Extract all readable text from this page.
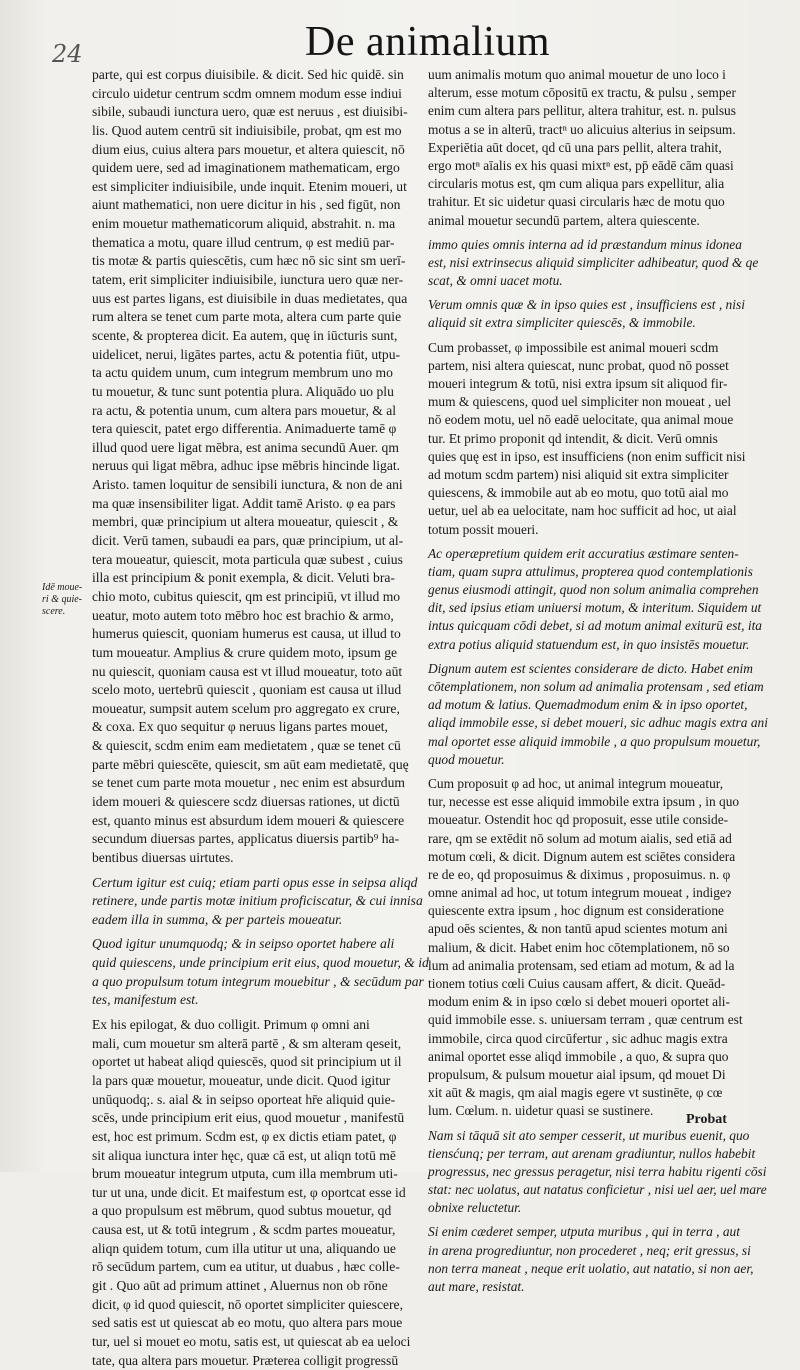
24	De animalium
Idē moue-
ri & quie-
scere.
parte, qui est corpus diuisibile. & dicit. Sed hic quidē. sin
circulo uidetur centrum scdm omnem modum esse indiui
sibile, subaudi iunctura uero, quæ est neruus , est diuisibi-
lis. Quod autem centrū sit indiuisibile, probat, qm est mo
dium eius, cuius altera pars mouetur, et altera quiescit, nō
quidem uere, sed ad imaginationem mathematicam, ergo
est simpliciter indiuisibile, unde inquit. Etenim moueri, ut
aiunt mathematici, non uere dicitur in his , sed figūt, non
enim mouetur mathematicorum aliquid, abstrahit. n. ma
thematica a motu, quare illud centrum, φ est mediū par-
tis motæ & partis quiescētis, cum hæc nō sic sint sm uerī-
tatem, erit simpliciter indiuisibile, iunctura uero quæ ner-
uus est partes ligans, est diuisibile in duas medietates, qua
rum altera se tenet cum parte mota, altera cum parte quie
scente, & propterea dicit. Ea autem, quę in iūcturis sunt,
uidelicet, nerui, ligātes partes, actu & potentia fiūt, utpu-
ta actu quidem unum, cum integrum membrum uno mo
tu mouetur, & tunc sunt potentia plura. Aliquādo uo plu
ra actu, & potentia unum, cum altera pars mouetur, & al
tera quiescit, patet ergo differentia. Animaduerte tamē φ
illud quod uere ligat mēbra, est anima secundū Auer. qm
neruus qui ligat mēbra, adhuc ipse mēbris hincinde ligat.
Aristo. tamen loquitur de sensibili iunctura, & non de ani
ma quæ insensibiliter ligat. Addit tamē Aristo. φ ea pars
membri, quæ principium ut altera moueatur, quiescit , &
dicit. Verū tamen, subaudi ea pars, quæ principium, ut al-
tera moueatur, quiescit, mota particula quæ subest , cuius
illa est principium & ponit exempla, & dicit. Veluti bra-
chio moto, cubitus quiescit, qm est principiū, vt illud mo
ueatur, moto autem toto mēbro hoc est brachio & armo,
humerus quiescit, quoniam humerus est causa, ut illud to
tum moueatur. Amplius & crure quidem moto, ipsum ge
nu quiescit, quoniam causa est vt illud moueatur, toto aūt
scelo moto, uertebrū quiescit , quoniam est causa ut illud
moueatur, sumpsit autem scelum pro aggregato ex crure,
& coxa. Ex quo sequitur φ neruus ligans partes mouet,
& quiescit, scdm enim eam medietatem , quæ se tenet cū
parte mēbri quiescēte, quiescit, sm aūt eam medietatē, quę
se tenet cum parte mota mouetur , nec enim est absurdum
idem moueri & quiescere scdz diuersas rationes, ut dictū
est, quanto minus est absurdum idem moueri & quiescere
secundum diuersas partes, applicatus diuersis partib⁹ ha-
bentibus diuersas uirtutes.
Certum igitur est cuiq; etiam parti opus esse in seipsa aliqd
retinere, unde partis motæ initium proficiscatur, & cui innisa
eadem illa in summa, & per parteis moueatur.
Quod igitur unumquodq; & in seipso oportet habere ali
quid quiescens, unde principium erit eius, quod mouetur, & id
a quo propulsum totum integrum mouebitur , & secūdum par
tes, manifestum est.
Ex his epilogat, & duo colligit. Primum φ omni ani
mali, cum mouetur sm alterā partē , & sm alteram qeseit,
oportet ut habeat aliqd quiescēs, quod sit principium ut il
la pars quæ mouetur, moueatur, unde dicit. Quod igitur
unūquodq;. s. aial & in seipso oporteat hr̄e aliquid quie-
scēs, unde principium erit eius, quod mouetur , manifestū
est, hoc est primum. Scdm est, φ ex dictis etiam patet, φ
sit aliqua iunctura inter hęc, quæ cā est, ut aliqn totū mē
brum moueatur integrum utputa, cum illa membrum uti-
tur ut una, unde dicit. Et maifestum est, φ oportcat esse id
a quo propulsum est mēbrum, quod subtus mouetur, qd
causa est, ut & totū integrum , & scdm partes moueatur,
aliqn quidem totum, cum illa utitur ut una, aliquando ue
rō secūdum partem, cum ea utitur, ut duabus , hæc colle-
git . Quo aūt ad primum attinet , Aluernus non ob rōne
dicit, φ id quod quiescit, nō oportet simpliciter quiescere,
sed satis est ut quiescat ab eo motu, quo altera pars moue
tur, uel si mouet eo motu, satis est, ut quiescat ab ea ueloci
tate, qua altera pars mouetur. Præterea colligit progressū
uum animalis motum quo animal mouetur de uno loco i
alterum, esse motum cōpositū ex tractu, & pulsu , semper
enim cum altera pars pellitur, altera trahitur, est. n. pulsus
motus a se in alterū, tractⁿ uo alicuius alterius in seipsum.
Experiētia aūt docet, qd cū una pars pellit, altera trahit,
ergo motⁿ aīalis ex his quasi mixtⁿ est, pp̄ eādē cām quasi
circularis motus est, qm cum aliqua pars expellitur, alia
trahitur. Et sic uidetur quasi circularis hæc de motu quo
animal mouetur secundū partem, altera quiescente.
immo quies omnis interna ad id præstandum minus idonea
est, nisi extrinsecus aliquid simpliciter adhibeatur, quod & qe
scat, & omni uacet motu.
Verum omnis quæ & in ipso quies est , insufficiens est , nisi
aliquid sit extra simpliciter quiescēs, & immobile.
Cum probasset, φ impossibile est animal moueri scdm
partem, nisi altera quiescat, nunc probat, quod nō posset
moueri integrum & totū, nisi extra ipsum sit aliquod fir-
mum & quiescens, quod uel simpliciter non moueat , uel
nō eodem motu, uel nō eadē uelocitate, qua animal moue
tur. Et primo proponit qd intendit, & dicit. Verū omnis
quies quę est in ipso, est insufficiens (non enim sufficit nisi
ad motum scdm partem) nisi aliquid sit extra simpliciter
quiescens, & immobile aut ab eo motu, quo totū aial mo
uetur, uel ab ea uelocitate, nam hoc sufficit ad hoc, ut aial
totum possit moueri.
Ac operæpretium quidem erit accuratius æstimare senten-
tiam, quam supra attulimus, propterea quod contemplationis
genus eiusmodi attingit, quod non solum animalia comprehen
dit, sed ipsius etiam uniuersi motum, & interitum. Siquidem ut
intus quicquam cōdi debet, si ad motum animal exiturū est, ita
extra potius aliquid statuendum est, in quo insistēs mouetur.
Dignum autem est scientes considerare de dicto. Habet enim
cōtemplationem, non solum ad animalia protensam , sed etiam
ad motum & latius. Quemadmodum enim & in ipso oportet,
aliqd immobile esse, si debet moueri, sic adhuc magis extra ani
mal oportet esse aliquid immobile , a quo propulsum mouetur,
quod mouetur.
Cum proposuit φ ad hoc, ut animal integrum moueatur,
tur, necesse est esse aliquid immobile extra ipsum , in quo
moueatur. Ostendit hoc qd proposuit, esse utile conside-
rare, qm se extēdit nō solum ad motum aialis, sed etiā ad
motum cœli, & dicit. Dignum autem est sciētes considera
re de eo, qd proposuimus & diximus , proposuimus. n. φ
omne animal ad hoc, ut totum integrum moueat , indigeɂ
quiescente extra ipsum , hoc dignum est consideratione
apud oēs scientes, & non tantū apud scientes motum ani
malium, & dicit. Habet enim hoc cōtemplationem, nō so
lum ad animalia protensam, sed etiam ad motum, & ad la
tionem totius cœli Cuius causam affert, & dicit. Queād-
modum enim & in ipso cœlo si debet moueri oportet ali-
quid immobile esse. s. uniuersam terram , quæ centrum est
immobile, circa quod circūfertur , sic adhuc magis extra
animal oportet esse aliqd immobile , a quo, & supra quo
propulsum, & pulsum mouetur aial ipsum, qd mouet Di
xit aūt & magis, qm aial magis egere vt sustinēte, φ cœ
lum. Cœlum. n. uidetur quasi se sustinere.
Nam si tāquā sit ato semper cesserit, ut muribus euenit, quo
tiensćunq; per terram, aut arenam gradiuntur, nullos habebit
progressus, nec gressus peragetur, nisi terra habitu rigenti cōsi
stat: nec uolatus, aut natatus conficietur , nisi uel aer, uel mare
obnixe reluctetur.
Si enim cæderet semper, utputa muribus , qui in terra , aut
in arena progrediuntur, non procederet , neq; erit gressus, si
non terra maneat , neque erit uolatio, aut natatio, si non aer,
aut mare, resistat.
Probat
